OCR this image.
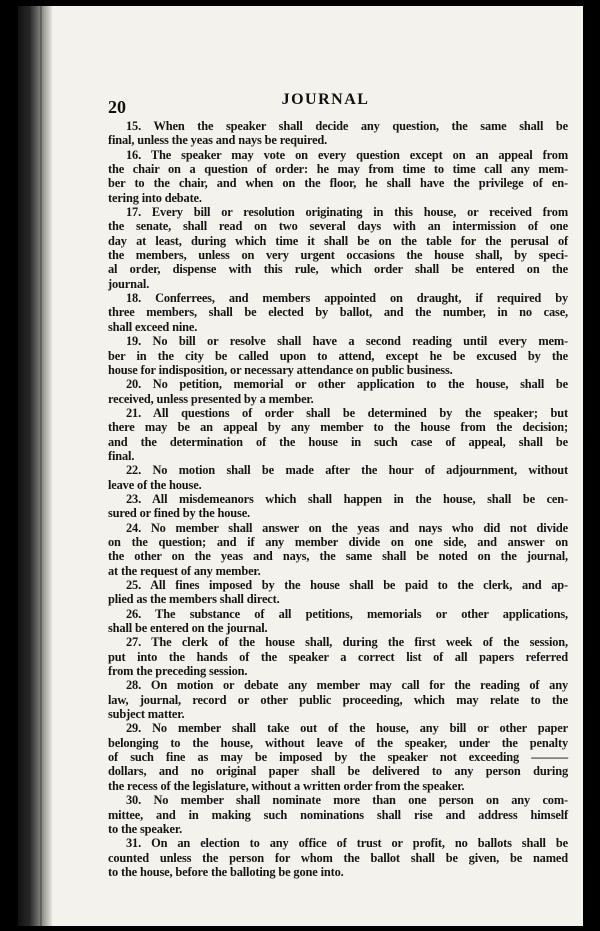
20	JOURNAL
15. When the speaker shall decide any question, the same shall be
final, unless the yeas and nays be required.
16. The speaker may vote on every question except on an appeal from
the chair on a question of order: he may from time to time call any mem-
ber to the chair, and when on the floor, he shall have the privilege of en-
tering into debate.
17. Every bill or resolution originating in this house, or received from
the senate, shall read on two several days with an intermission of one
day at least, during which time it shall be on the table for the perusal of
the members, unless on very urgent occasions the house shall, by speci-
al order, dispense with this rule, which order shall be entered on the
journal.
18. Conferrees, and members appointed on draught, if required by
three members, shall be elected by ballot, and the number, in no case,
shall exceed nine.
19. No bill or resolve shall have a second reading until every mem-
ber in the city be called upon to attend, except he be excused by the
house for indisposition, or necessary attendance on public business.
20. No petition, memorial or other application to the house, shall be
received, unless presented by a member.
21. All questions of order shall be determined by the speaker; but
there may be an appeal by any member to the house from the decision;
and the determination of the house in such case of appeal, shall be
final.
22. No motion shall be made after the hour of adjournment, without
leave of the house.
23. All misdemeanors which shall happen in the house, shall be cen-
sured or fined by the house.
24. No member shall answer on the yeas and nays who did not divide
on the question; and if any member divide on one side, and answer on
the other on the yeas and nays, the same shall be noted on the journal,
at the request of any member.
25. All fines imposed by the house shall be paid to the clerk, and ap-
plied as the members shall direct.
26. The substance of all petitions, memorials or other applications,
shall be entered on the journal.
27. The clerk of the house shall, during the first week of the session,
put into the hands of the speaker a correct list of all papers referred
from the preceding session.
28. On motion or debate any member may call for the reading of any
law, journal, record or other public proceeding, which may relate to the
subject matter.
29. No member shall take out of the house, any bill or other paper
belonging to the house, without leave of the speaker, under the penalty
of such fine as may be imposed by the speaker not exceeding ———
dollars, and no original paper shall be delivered to any person during
the recess of the legislature, without a written order from the speaker.
30. No member shall nominate more than one person on any com-
mittee, and in making such nominations shall rise and address himself
to the speaker.
31. On an election to any office of trust or profit, no ballots shall be
counted unless the person for whom the ballot shall be given, be named
to the house, before the balloting be gone into.
